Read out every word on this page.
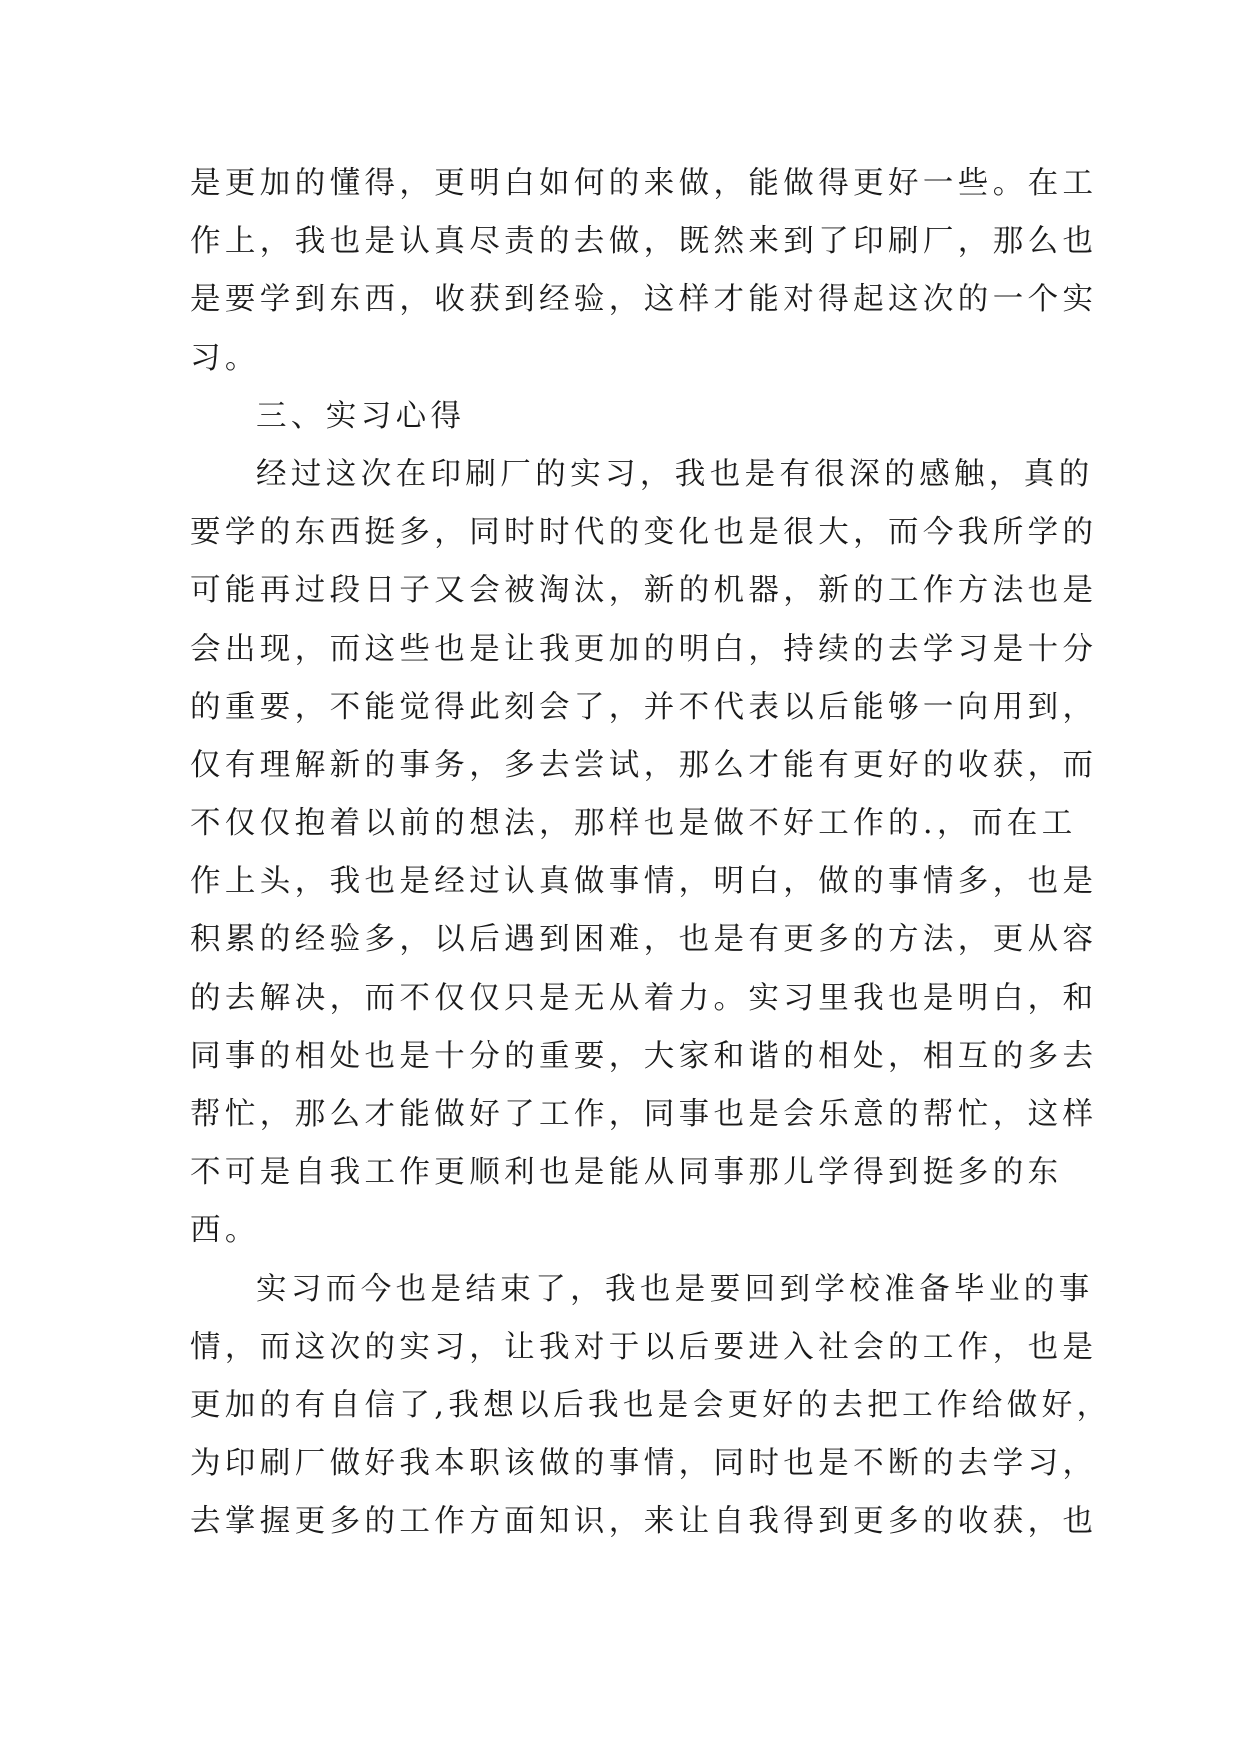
是更加的懂得，更明白如何的来做，能做得更好一些。在工
作上，我也是认真尽责的去做，既然来到了印刷厂，那么也
是要学到东西，收获到经验，这样才能对得起这次的一个实
习。
三、实习心得
经过这次在印刷厂的实习，我也是有很深的感触，真的
要学的东西挺多，同时时代的变化也是很大，而今我所学的
可能再过段日子又会被淘汰，新的机器，新的工作方法也是
会出现，而这些也是让我更加的明白，持续的去学习是十分
的重要，不能觉得此刻会了，并不代表以后能够一向用到，
仅有理解新的事务，多去尝试，那么才能有更好的收获，而
不仅仅抱着以前的想法，那样也是做不好工作的.，而在工
作上头，我也是经过认真做事情，明白，做的事情多，也是
积累的经验多，以后遇到困难，也是有更多的方法，更从容
的去解决，而不仅仅只是无从着力。实习里我也是明白，和
同事的相处也是十分的重要，大家和谐的相处，相互的多去
帮忙，那么才能做好了工作，同事也是会乐意的帮忙，这样
不可是自我工作更顺利也是能从同事那儿学得到挺多的东
西。
实习而今也是结束了，我也是要回到学校准备毕业的事
情，而这次的实习，让我对于以后要进入社会的工作，也是
更加的有自信了,我想以后我也是会更好的去把工作给做好，
为印刷厂做好我本职该做的事情，同时也是不断的去学习，
去掌握更多的工作方面知识，来让自我得到更多的收获，也
